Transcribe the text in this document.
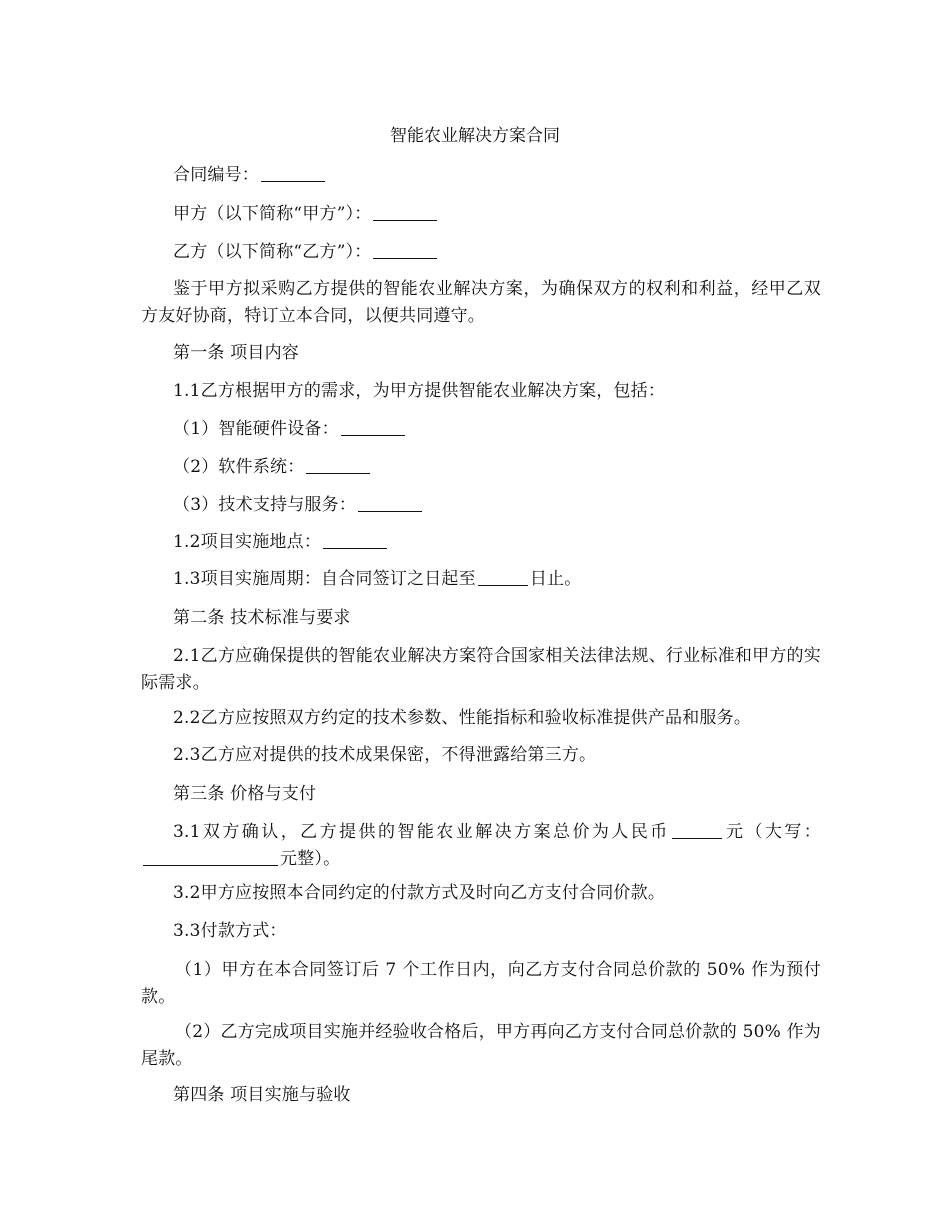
智能农业解决方案合同
合同编号：
甲方（以下简称“甲方”）：
乙方（以下简称“乙方”）：
鉴于甲方拟采购乙方提供的智能农业解决方案，为确保双方的权利和利益，经甲乙双方友好协商，特订立本合同，以便共同遵守。
第一条 项目内容
1.1乙方根据甲方的需求，为甲方提供智能农业解决方案，包括：
（1）智能硬件设备：
（2）软件系统：
（3）技术支持与服务：
1.2项目实施地点：
1.3项目实施周期：自合同签订之日起至	日止。
第二条 技术标准与要求
2.1乙方应确保提供的智能农业解决方案符合国家相关法律法规、行业标准和甲方的实际需求。
2.2乙方应按照双方约定的技术参数、性能指标和验收标准提供产品和服务。
2.3乙方应对提供的技术成果保密，不得泄露给第三方。
第三条 价格与支付
3.1双方确认，乙方提供的智能农业解决方案总价为人民币	元（大写：元整）。
3.2甲方应按照本合同约定的付款方式及时向乙方支付合同价款。
3.3付款方式：
（1）甲方在本合同签订后 7 个工作日内，向乙方支付合同总价款的 50% 作为预付款。
（2）乙方完成项目实施并经验收合格后，甲方再向乙方支付合同总价款的 50% 作为尾款。
第四条 项目实施与验收
